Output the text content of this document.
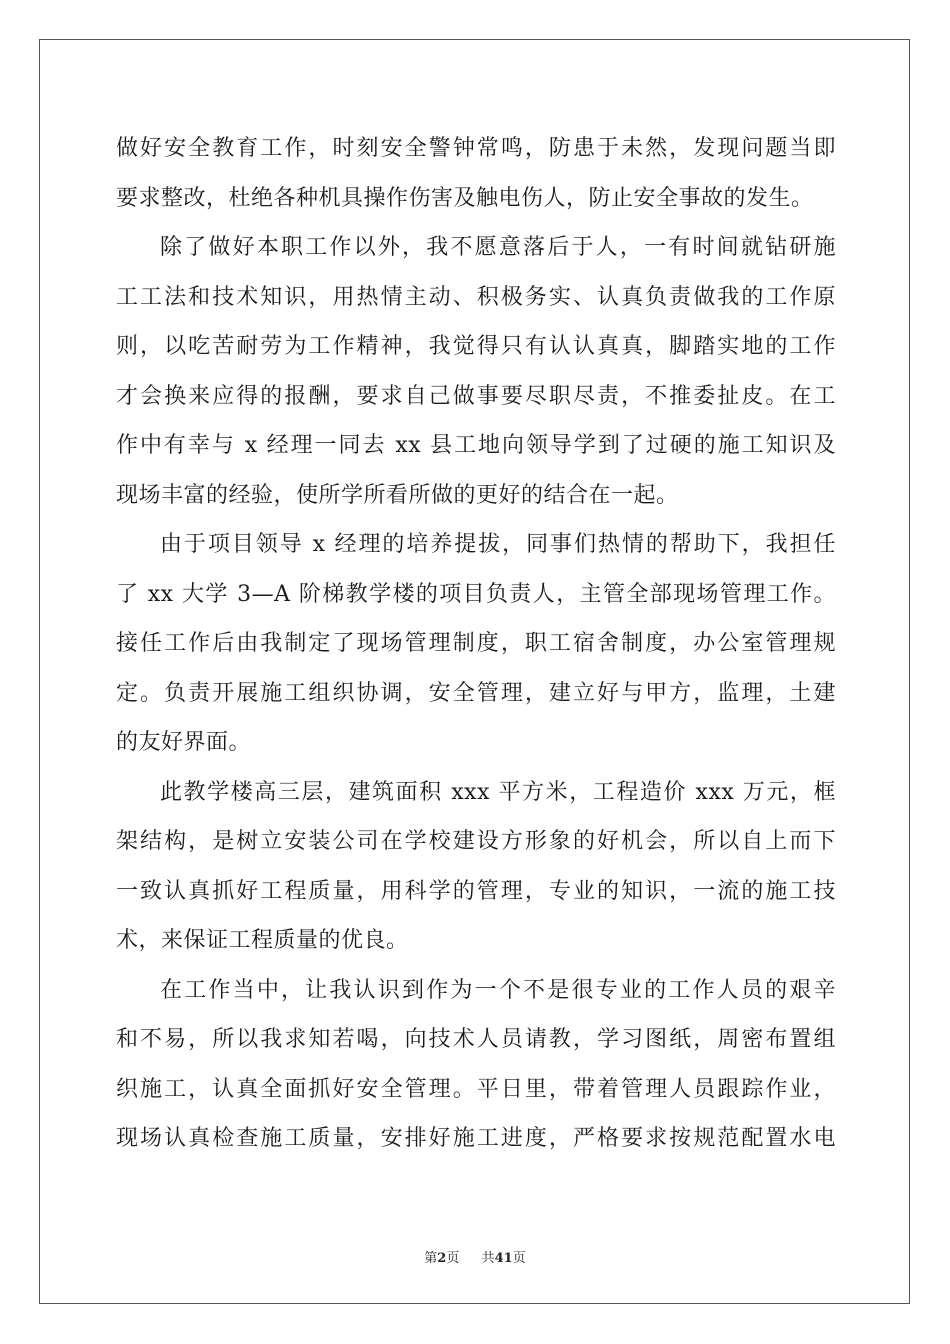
做好安全教育工作，时刻安全警钟常鸣，防患于未然，发现问题当即
要求整改，杜绝各种机具操作伤害及触电伤人，防止安全事故的发生。
除了做好本职工作以外，我不愿意落后于人，一有时间就钻研施
工工法和技术知识，用热情主动、积极务实、认真负责做我的工作原
则，以吃苦耐劳为工作精神，我觉得只有认认真真，脚踏实地的工作
才会换来应得的报酬，要求自己做事要尽职尽责，不推委扯皮。在工
作中有幸与 x 经理一同去 xx 县工地向领导学到了过硬的施工知识及
现场丰富的经验，使所学所看所做的更好的结合在一起。
由于项目领导 x 经理的培养提拔，同事们热情的帮助下，我担任
了 xx 大学 3—A 阶梯教学楼的项目负责人，主管全部现场管理工作。
接任工作后由我制定了现场管理制度，职工宿舍制度，办公室管理规
定。负责开展施工组织协调，安全管理，建立好与甲方，监理，土建
的友好界面。
此教学楼高三层，建筑面积 xxx 平方米，工程造价 xxx 万元，框
架结构，是树立安装公司在学校建设方形象的好机会，所以自上而下
一致认真抓好工程质量，用科学的管理，专业的知识，一流的施工技
术，来保证工程质量的优良。
在工作当中，让我认识到作为一个不是很专业的工作人员的艰辛
和不易，所以我求知若喝，向技术人员请教，学习图纸，周密布置组
织施工，认真全面抓好安全管理。平日里，带着管理人员跟踪作业，
现场认真检查施工质量，安排好施工进度，严格要求按规范配置水电
第2页 共41页
